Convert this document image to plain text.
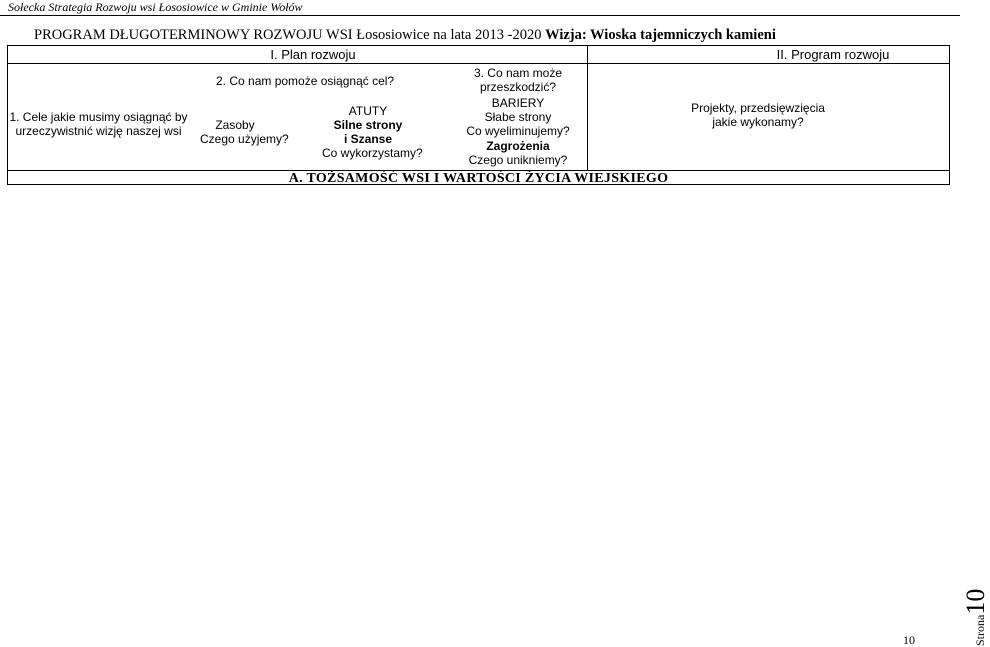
Sołecka Strategia Rozwoju wsi Łososiowice w Gminie Wołów
PROGRAM DŁUGOTERMINOWY ROZWOJU WSI Łososiowice na lata 2013 -2020 Wizja: Wioska tajemniczych kamieni
I. Plan rozwoju	II. Program rozwoju
1. Cele jakie musimy osiągnąć by
urzeczywistnić wizję naszej wsi
2. Co nam pomoże osiągnąć cel?
Zasoby
Czego użyjemy?
ATUTY
Silne strony
i Szanse
Co wykorzystamy?
3. Co nam może
przeszkodzić?
BARIERY
Słabe strony
Co wyeliminujemy?
Zagrożenia
Czego unikniemy?
Projekty, przedsięwzięcia
jakie wykonamy?
A. TOŻSAMOŚĆ WSI I WARTOŚCI ŻYCIA WIEJSKIEGO
10	Strona10
